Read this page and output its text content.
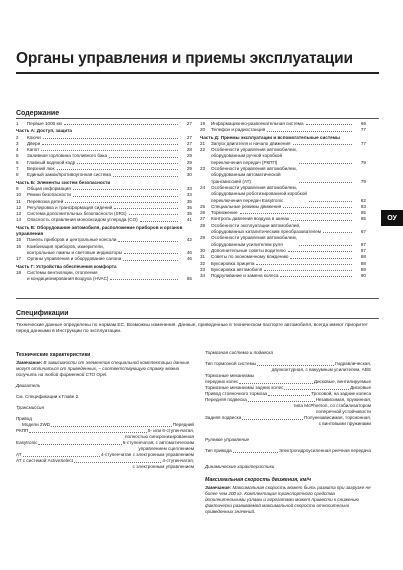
Органы управления и приемы эксплуатации
Содержание
1	Первые 1000 км	27
Часть А: Доступ, защита
2	Ключи	27
3	Двери	27
4	Капот	28
5	Заливная горловина топливного бака	29
6	Главный водяной кодр	29
7	Верхний люк	29
8	Единый замок/противоугонная система	30
Часть Б: Элементы систем безопасности
9	Общая информация	33
10	Ремни безопасности	33
11	Перевозка детей	35
12	Регулировка и трансформация сидений	35
13	Система дополнительных безопасности (SRS)	35
14	Опасность отравления монооксидом углерода (CO)	41
Часть В: Оборудование автомобиля, расположение приборов и органов управления
15	Панель приборов и центральные консоли	42
16	Комбинация приборов, измерители,
контрольные лампы и световые индикаторы	46
17	Органы управления и оборудование салона	46
Часть Г: Устройства обеспечения комфорта
18	Системы вентиляции, отопления
и кондиционирования воздуха (HVAC)	65
19	Информационно-развлекательная система	69
20	Телефон и радиостанция	77
Часть Д: Приемы эксплуатации и вспомогательные системы
21	Запуск двигателя и начало движения	77
22	Особенности управления автомобилем,
оборудованным ручной коробкой
переключения передач (РКПП)	79
23	Особенности управления автомобилем,
оборудованным автоматической
трансмиссией (АТ)	79
24	Особенности управления автомобилем,
оборудованным роботизированной коробкой
переключения передач Easytronic	82
25	Специальные режимы движения	83
26	Торможение	85
27	Контроль давления воздуха в шинах	85
28	Особенности эксплуатации автомобилей,
оборудованных каталитическим преобразователем	87
29	Особенности управления автомобилем,
оборудованным усилителем руля	87
30	Дополнительные советы водителю	87
31	Советы по экономичному вождению	88
32	Буксировка прицепа	88
33	Буксировка автомобиля	89
34	Подруливание и замена колеса	90
ОУ
Спецификации
Технические данные определены по нормам ЕС. Возможны изменения. Данные, приведенные в техническом паспорте автомобиля, всегда имеют приоритет перед данными в Инструкции по эксплуатации.
Технические характеристики
Замечание: В зависимости от элементов специальной комплектации данные могут отличаться от приведенных, – соответствующую справку можно получить на любой фирменной СТО Opel.
Двигатель
См. Спецификации к Главе 2.
Трансмиссия
Привод
Модели 2WD	Передний
РКПП	5- или 6-ступенчатая,
полностью синхронизированная
Easytronic	5-ступенчатая, с автоматическим
управлением сцеплением
АТ	4-ступенчатая с электронным управлением
АТ с системой ActiveSelect	4-ступенчатая,
с электронным управлением
Тормозная система и подвеска
Тип тормозной системы	Гидравлическая,
двухконтурная, с вакуумным усилителем, ABS
Тормозные механизмы
передних колес	Дисковые, вентилируемые
Тормозные механизмы задних колес	Дисковые
Привод стояночного тормоза	Тросовой, на задние колеса
Передняя подвеска	Независимая, пружинная,
типа McPherson, со стабилизатором
поперечной устойчивости
Задняя подвеска	Полунезависимая, торсионная,
с винтовыми пружинами
Рулевое управление
Тип привода	Электрогидроусиленная реечная передача
Динамические характеристики
Максимальная скорость движения, км/ч
Замечание: Максимальная скорость может быть развита при загрузке не более чем 200 кг. Комплектация транспортного средства дополнительными узлами и агрегатами может привести к снижению фактически развиваемой максимальной скорости относительно приведенных значений.
